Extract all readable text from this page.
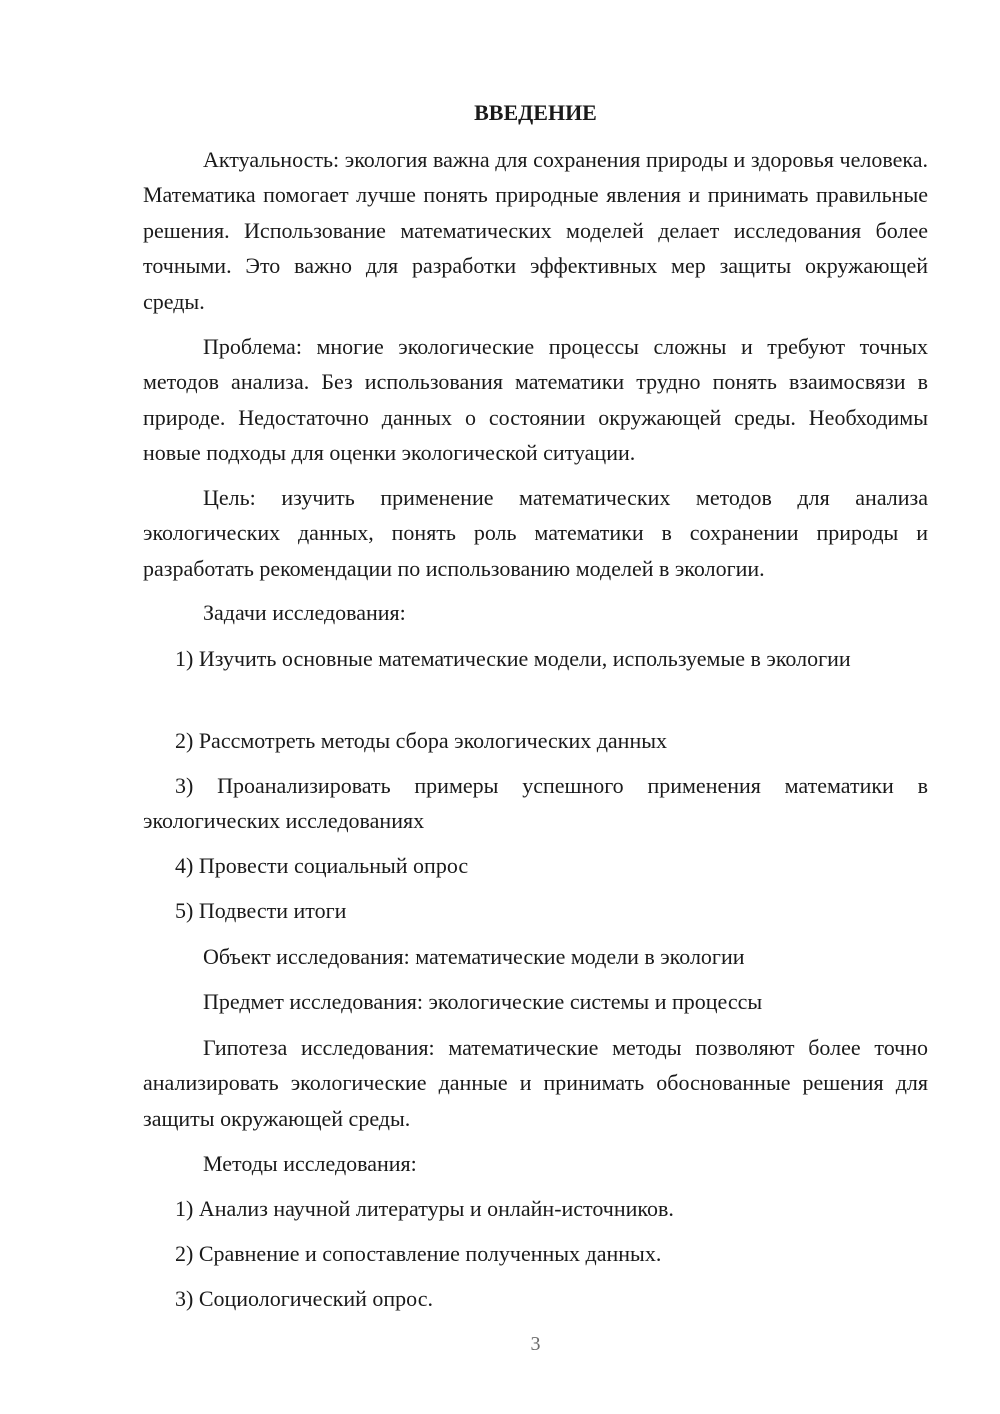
ВВЕДЕНИЕ

Актуальность: экология важна для сохранения природы и здоровья человека. Математика помогает лучше понять природные явления и принимать правильные решения. Использование математических моделей делает исследования более точными. Это важно для разработки эффективных мер защиты окружающей среды.

Проблема: многие экологические процессы сложны и требуют точных методов анализа. Без использования математики трудно понять взаимосвязи в природе. Недостаточно данных о состоянии окружающей среды. Необходимы новые подходы для оценки экологической ситуации.

Цель: изучить применение математических методов для анализа экологических данных, понять роль математики в сохранении природы и разработать рекомендации по использованию моделей в экологии.

Задачи исследования:

1) Изучить основные математические модели, используемые в экологии

2) Рассмотреть методы сбора экологических данных

3) Проанализировать примеры успешного применения математики в экологических исследованиях

4) Провести социальный опрос

5) Подвести итоги

Объект исследования: математические модели в экологии

Предмет исследования: экологические системы и процессы

Гипотеза исследования: математические методы позволяют более точно анализировать экологические данные и принимать обоснованные решения для защиты окружающей среды.

Методы исследования:

1) Анализ научной литературы и онлайн-источников.

2) Сравнение и сопоставление полученных данных.

3) Социологический опрос.

3
